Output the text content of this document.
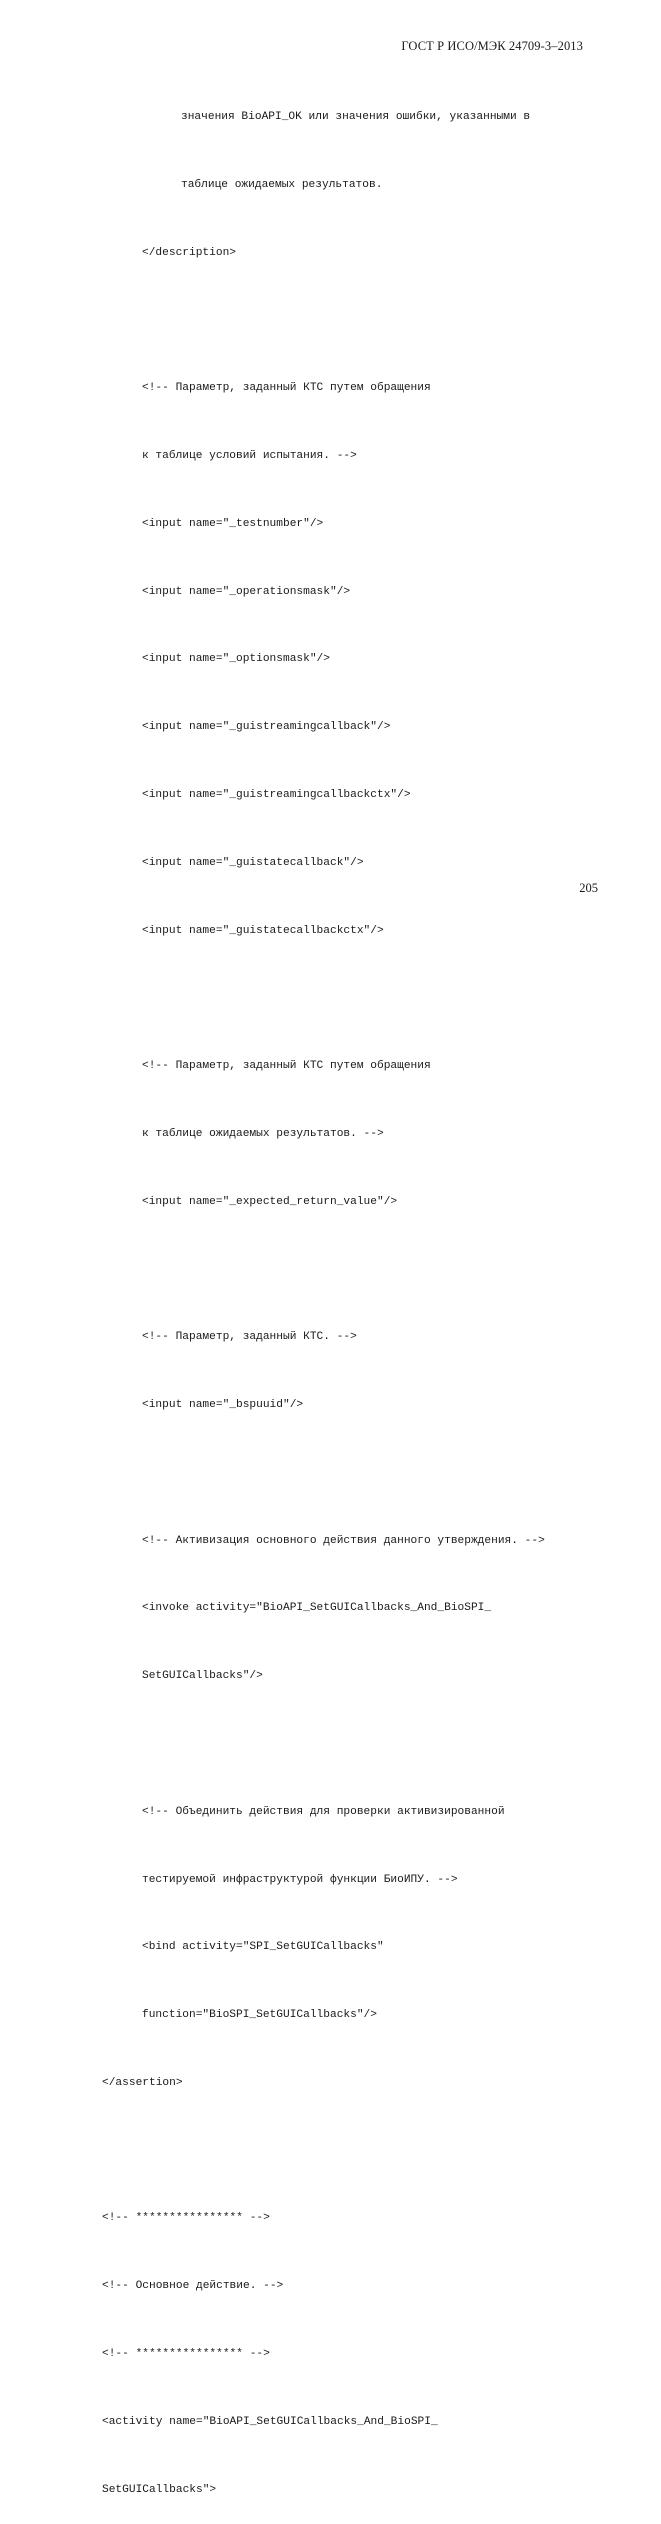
ГОСТ Р ИСО/МЭК 24709-3–2013

значения BioAPI_OK или значения ошибки, указанными в

таблице ожидаемых результатов.

</description>

<!-- Параметр, заданный КТС путем обращения

к таблице условий испытания. -->

<input name="_testnumber"/>

<input name="_operationsmask"/>

<input name="_optionsmask"/>

<input name="_guistreamingcallback"/>

<input name="_guistreamingcallbackctx"/>

<input name="_guistatecallback"/>

<input name="_guistatecallbackctx"/>

<!-- Параметр, заданный КТС путем обращения

к таблице ожидаемых результатов. -->

<input name="_expected_return_value"/>

<!-- Параметр, заданный КТС. -->

<input name="_bspuuid"/>

<!-- Активизация основного действия данного утверждения. -->

<invoke activity="BioAPI_SetGUICallbacks_And_BioSPI_

SetGUICallbacks"/>

<!-- Объединить действия для проверки активизированной

тестируемой инфраструктурой функции БиоИПУ. -->

<bind activity="SPI_SetGUICallbacks"

function="BioSPI_SetGUICallbacks"/>

</assertion>

<!-- **************** -->

<!-- Основное действие. -->

<!-- **************** -->

<activity name="BioAPI_SetGUICallbacks_And_BioSPI_

SetGUICallbacks">

205
